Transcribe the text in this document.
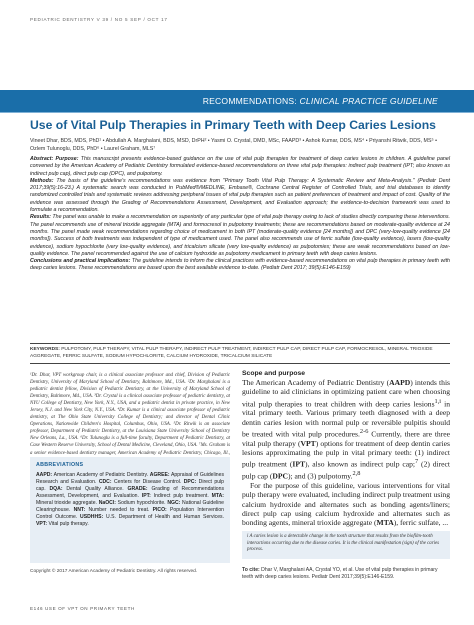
PEDIATRIC DENTISTRY V 39 / NO 5 SEP / OCT 17
RECOMMENDATIONS: CLINICAL PRACTICE GUIDELINE
Use of Vital Pulp Therapies in Primary Teeth with Deep Caries Lesions
Vineet Dhar, BDS, MDS, PhD¹ • Abdullah A. Marghalani, BDS, MSD, DrPH² • Yasmi O. Crystal, DMD, MSc, FAAPD³ • Ashok Kumar, DDS, MS⁴ • Priyanshi Ritwik, DDS, MS⁵ • Ozlem Tulunoglu, DDS, PhD⁶ • Laurel Graham, MLS⁷

Abstract: Purpose: This manuscript presents evidence-based guidance on the use of vital pulp therapies for treatment of deep caries lesions in children. A guideline panel convened by the American Academy of Pediatric Dentistry formulated evidence-based recommendations on three vital pulp therapies: indirect pulp treatment (IPT; also known as indirect pulp cap), direct pulp cap (DPC), and pulpotomy.

Methods: The basis of the guideline's recommendations was evidence from "Primary Tooth Vital Pulp Therapy: A Systematic Review and Meta-Analysis." (Pediatr Dent 2017;39(5):16-23.) A systematic search was conducted in PubMed®/MEDLINE, Embase®, Cochrane Central Register of Controlled Trials, and trial databases to identify randomized controlled trials and systematic reviews addressing peripheral issues of vital pulp therapies such as patient preferences of treatment and impact of cost. Quality of the evidence was assessed through the Grading of Recommendations Assessment, Development, and Evaluation approach; the evidence-to-decision framework was used to formulate a recommendation.

Results: The panel was unable to make a recommendation on superiority of any particular type of vital pulp therapy owing to lack of studies directly comparing these interventions. The panel recommends use of mineral trioxide aggregate (MTA) and formocresol in pulpotomy treatments; these are recommendations based on moderate-quality evidence at 24 months. The panel made weak recommendations regarding choice of medicament in both IPT (moderate-quality evidence [24 months]) and DPC (very-low-quality evidence [24 months]). Success of both treatments was independent of type of medicament used. The panel also recommends use of ferric sulfate (low-quality evidence), lasers (low-quality evidence), sodium hypochlorite (very low-quality evidence), and tricalcium silicate (very low-quality evidence) as pulpotomies; these are weak recommendations based on low-quality evidence. The panel recommended against the use of calcium hydroxide as pulpotomy medicament in primary teeth with deep caries lesions.

Conclusions and practical implications: The guideline intends to inform the clinical practices with evidence-based recommendations on vital pulp therapies in primary teeth with deep caries lesions. These recommendations are based upon the best available evidence to-date. (Pediatr Dent 2017; 39(5):E146-E159)

KEYWORDS: PULPOTOMY, PULP THERAPY, VITAL PULP THERAPY, INDIRECT PULP TREATMENT, INDIRECT PULP CAP, DIRECT PULP CAP, FORMOCRESOL, MINERAL TRIOXIDE AGGREGATE, FERRIC SULFATE, SODIUM HYPOCHLORITE, CALCIUM HYDROXIDE, TRICALCIUM SILICATE
¹Dr. Dhar, VPT workgroup chair, is a clinical associate professor and chief, Division of Pediatric Dentistry, University of Maryland School of Dentistry, Baltimore, Md., USA. ²Dr. Marghalani is a pediatric dentist fellow, Division of Pediatric Dentistry, at the University of Maryland School of Dentistry, Baltimore, Md., USA. ³Dr. Crystal is a clinical associate professor of pediatric dentistry, at NYU College of Dentistry, New York, N.Y., USA, and a pediatric dentist in private practice, in New Jersey, N.J. and New York City, N.Y., USA. ⁴Dr. Kumar is a clinical associate professor of pediatric dentistry, at The Ohio State University College of Dentistry; and director of Dental Clinic Operations, Nationwide Children's Hospital, Columbus, Ohio, USA. ⁵Dr. Ritwik is an associate professor, Department of Pediatric Dentistry, at the Louisiana State University School of Dentistry New Orleans, La., USA. ⁶Dr. Tulunoglu is a full-time faculty, Department of Pediatric Dentistry, at Case Western Reserve University, School of Dental Medicine, Cleveland, Ohio, USA. ⁷Ms. Graham is a senior evidence-based dentistry manager, American Academy of Pediatric Dentistry, Chicago, Ill.,
ABBREVIATIONS
AAPD: American Academy of Pediatric Dentistry. AGREE: Appraisal of Guidelines Research and Evaluation. CDC: Centers for Disease Control. DPC: Direct pulp cap. DQA: Dental Quality Alliance. GRADE: Grading of Recommendations Assessment, Development, and Evaluation. IPT: Indirect pulp treatment. MTA: Mineral trioxide aggregate. NaOCl: Sodium hypochlorite. NGC: National Guideline Clearinghouse. NNT: Number needed to treat. PICO: Population Intervention Control Outcome. USDHHS: U.S. Department of Health and Human Services. VPT: Vital pulp therapy.
Copyright © 2017 American Academy of Pediatric Dentistry. All rights reserved.
Scope and purpose
The American Academy of Pediatric Dentistry (AAPD) intends this guideline to aid clinicians in optimizing patient care when choosing vital pulp therapies to treat children with deep caries lesions$^{1,i}$ in vital primary teeth. Various primary teeth diagnosed with a deep dentin caries lesion with normal pulp or reversible pulpitis should be treated with vital pulp procedures.$^{2-6}$ Currently, there are three vital pulp therapy (VPT) options for treatment of deep dentin caries lesions approximating the pulp in vital primary teeth: (1) indirect pulp treatment (IPT), also known as indirect pulp cap;$^7$ (2) direct pulp cap (DPC); and (3) pulpotomy.$^{2,8}$
For the purpose of this guideline, various interventions for vital pulp therapy were evaluated, including indirect pulp treatment using calcium hydroxide and alternates such as bonding agents/liners; direct pulp cap using calcium hydroxide and alternates such as bonding agents, mineral trioxide aggregate (MTA), ferric sulfate, ...
i A caries lesion is a detectable change in the tooth structure that results from the biofilm-tooth interactions occurring due to the disease caries. It is the clinical manifestation (sign) of the caries process.
To cite: Dhar V, Marghalani AA, Crystal YO, et al. Use of vital pulp therapies in primary teeth with deep caries lesions. Pediatr Dent 2017;39(5):E146-E159.
E146 USE OF VPT ON PRIMARY TEETH
